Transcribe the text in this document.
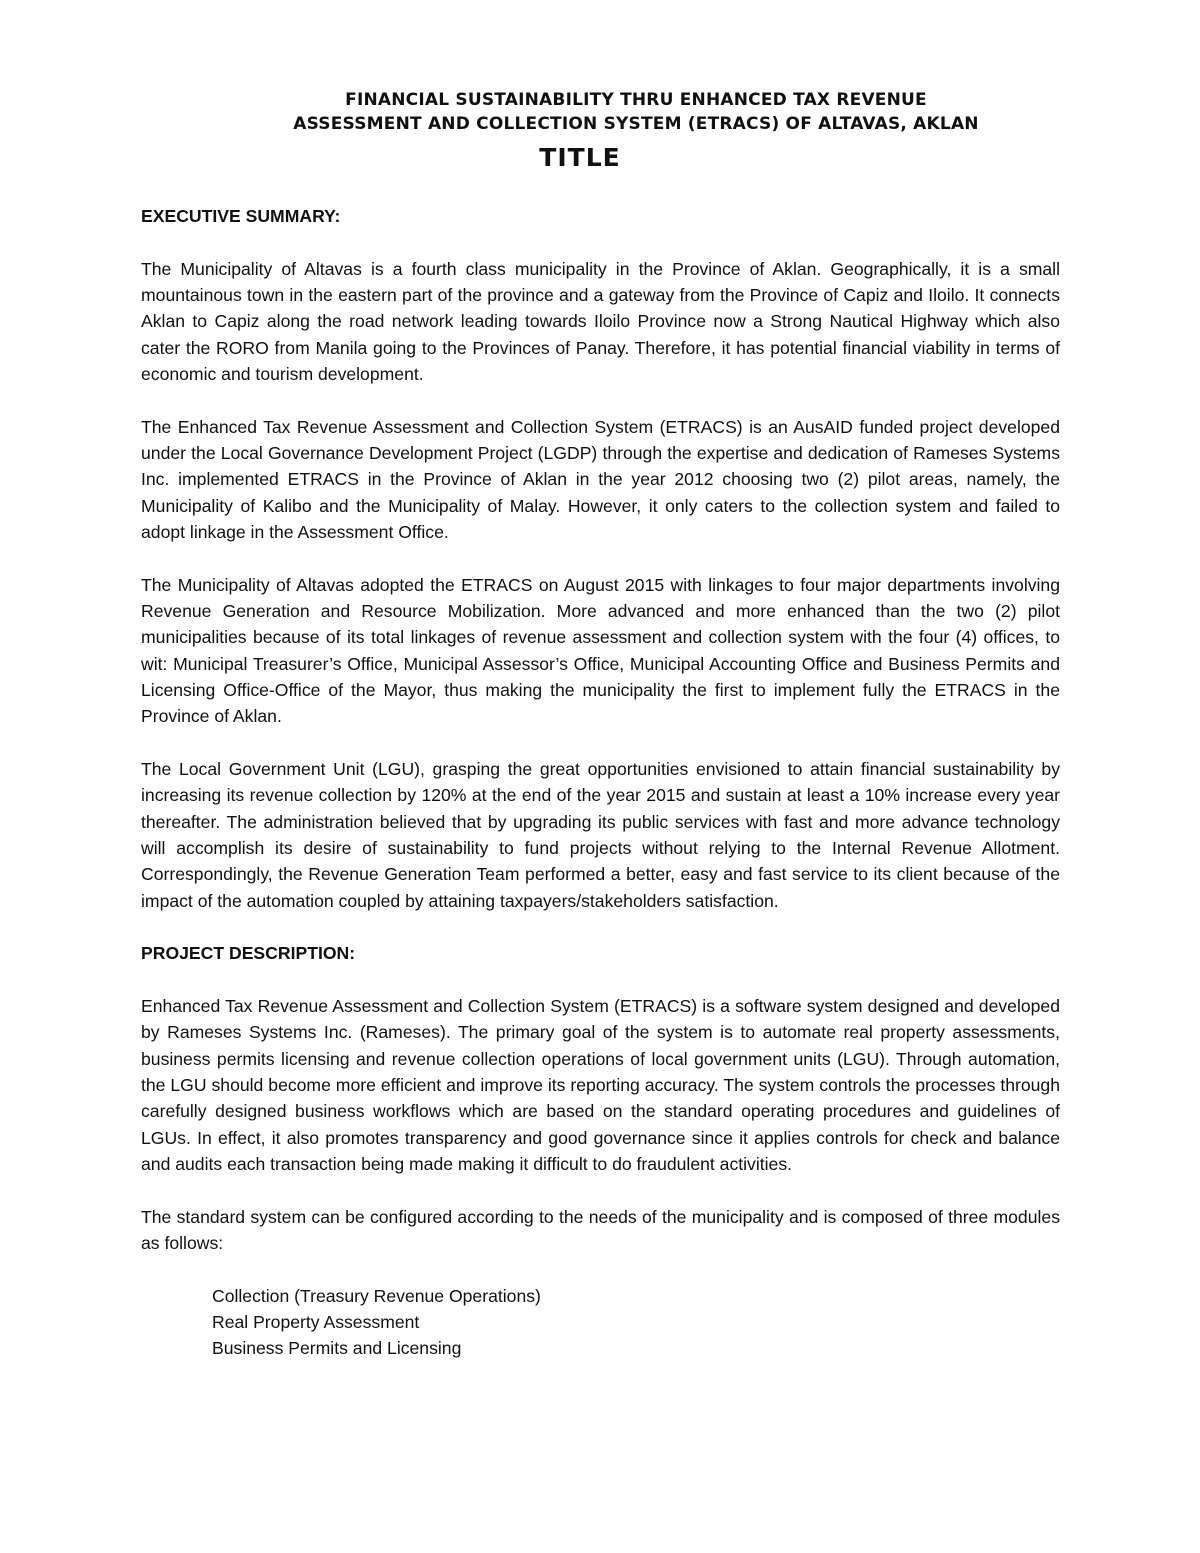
FINANCIAL SUSTAINABILITY THRU ENHANCED TAX REVENUE
ASSESSMENT AND COLLECTION SYSTEM (ETRACS) OF ALTAVAS, AKLAN
TITLE

EXECUTIVE SUMMARY:

The Municipality of Altavas is a fourth class municipality in the Province of Aklan. Geographically, it is a small mountainous town in the eastern part of the province and a gateway from the Province of Capiz and Iloilo. It connects Aklan to Capiz along the road network leading towards Iloilo Province now a Strong Nautical Highway which also cater the RORO from Manila going to the Provinces of Panay. Therefore, it has potential financial viability in terms of economic and tourism development.

The Enhanced Tax Revenue Assessment and Collection System (ETRACS) is an AusAID funded project developed under the Local Governance Development Project (LGDP) through the expertise and dedication of Rameses Systems Inc. implemented ETRACS in the Province of Aklan in the year 2012 choosing two (2) pilot areas, namely, the Municipality of Kalibo and the Municipality of Malay. However, it only caters to the collection system and failed to adopt linkage in the Assessment Office.

The Municipality of Altavas adopted the ETRACS on August 2015 with linkages to four major departments involving Revenue Generation and Resource Mobilization. More advanced and more enhanced than the two (2) pilot municipalities because of its total linkages of revenue assessment and collection system with the four (4) offices, to wit: Municipal Treasurer’s Office, Municipal Assessor’s Office, Municipal Accounting Office and Business Permits and Licensing Office-Office of the Mayor, thus making the municipality the first to implement fully the ETRACS in the Province of Aklan.

The Local Government Unit (LGU), grasping the great opportunities envisioned to attain financial sustainability by increasing its revenue collection by 120% at the end of the year 2015 and sustain at least a 10% increase every year thereafter. The administration believed that by upgrading its public services with fast and more advance technology will accomplish its desire of sustainability to fund projects without relying to the Internal Revenue Allotment. Correspondingly, the Revenue Generation Team performed a better, easy and fast service to its client because of the impact of the automation coupled by attaining taxpayers/stakeholders satisfaction.

PROJECT DESCRIPTION:

Enhanced Tax Revenue Assessment and Collection System (ETRACS) is a software system designed and developed by Rameses Systems Inc. (Rameses). The primary goal of the system is to automate real property assessments, business permits licensing and revenue collection operations of local government units (LGU). Through automation, the LGU should become more efficient and improve its reporting accuracy. The system controls the processes through carefully designed business workflows which are based on the standard operating procedures and guidelines of LGUs. In effect, it also promotes transparency and good governance since it applies controls for check and balance and audits each transaction being made making it difficult to do fraudulent activities.

The standard system can be configured according to the needs of the municipality and is composed of three modules as follows:

Collection (Treasury Revenue Operations)
Real Property Assessment
Business Permits and Licensing
